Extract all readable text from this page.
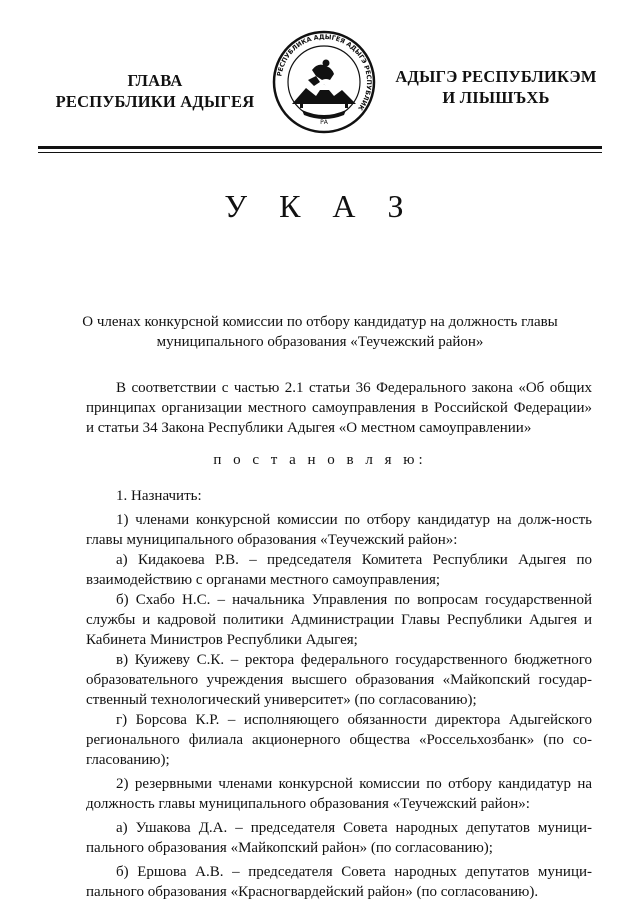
ГЛАВА
РЕСПУБЛИКИ АДЫГЕЯ
РЕСПУБЛИКА АДЫГЕЯ АДЫГЭ РЕСПУБЛИК
РА
АДЫГЭ РЕСПУБЛИКЭМ
И ЛІЫШЪХЬ
У К А З
О членах конкурсной комиссии по отбору кандидатур на должность главы муниципального образования «Теучежский район»
В соответствии с частью 2.1 статьи 36 Федерального закона «Об общих принципах организации местного самоуправления в Российской Федерации» и статьи 34 Закона Республики Адыгея «О местном самоуправлении»
п о с т а н о в л я ю:

1. Назначить:

1) членами конкурсной комиссии по отбору кандидатур на долж-ность главы муниципального образования «Теучежский район»:

а) Кидакоева Р.В. – председателя Комитета Республики Адыгея по взаимодействию с органами местного самоуправления;

б) Схабо Н.С. – начальника Управления по вопросам государственной службы и кадровой политики Администрации Главы Республики Адыгея и Кабинета Министров Республики Адыгея;

в) Куижеву С.К. – ректора федерального государственного бюджетного образовательного учреждения высшего образования «Майкопский государ-ственный технологический университет» (по согласованию);

г) Борсова К.Р. – исполняющего обязанности директора Адыгейского регионального филиала акционерного общества «Россельхозбанк» (по со-гласованию);

2) резервными членами конкурсной комиссии по отбору кандидатур на должность главы муниципального образования «Теучежский район»:

а) Ушакова Д.А. – председателя Совета народных депутатов муници-пального образования «Майкопский район» (по согласованию);

б) Ершова А.В. – председателя Совета народных депутатов муници-пального образования «Красногвардейский район» (по согласованию).
